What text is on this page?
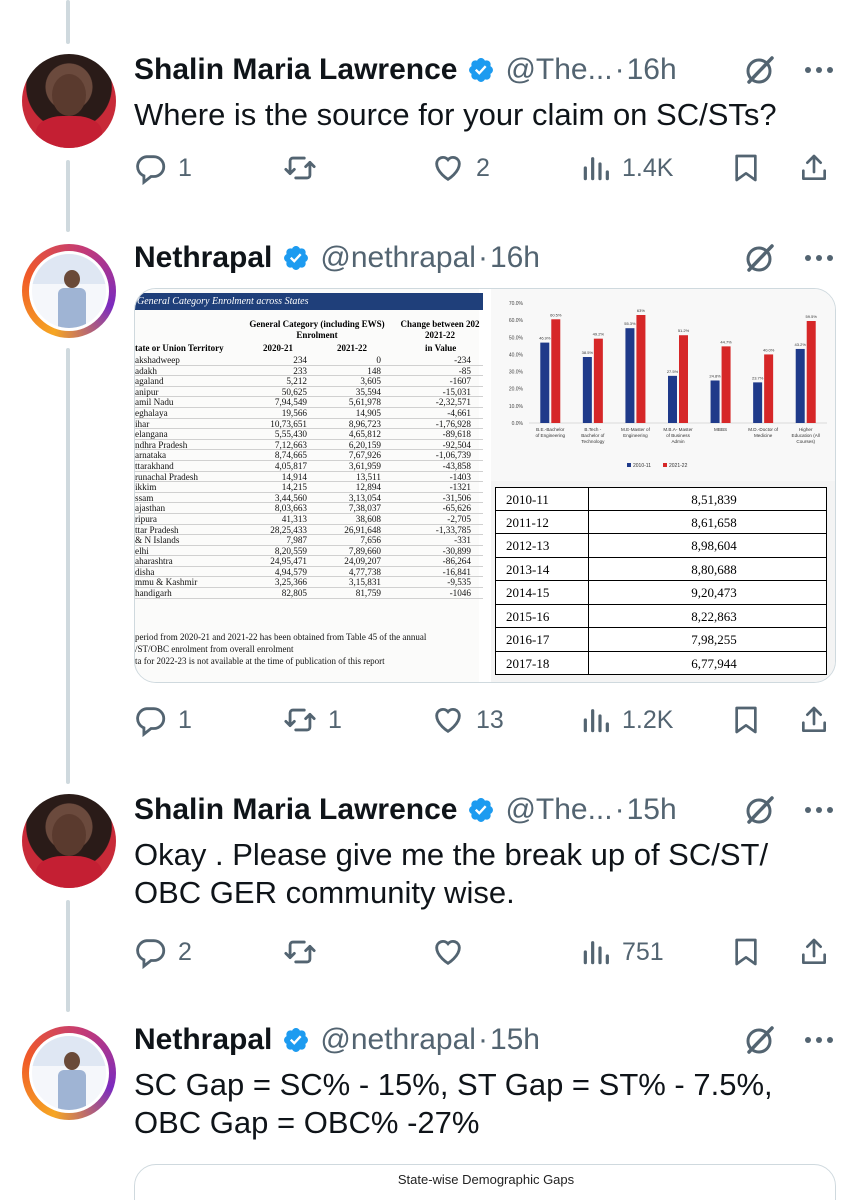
Shalin Maria Lawrence @The... · 16h
Where is the source for your claim on SC/STs?
1	2	1.4K
Nethrapal @nethrapal · 16h
General Category Enrolment across States
General Category (including EWS) Enrolment
Change between 202 2021-22
tate or Union Territory	2020-21	2021-22	in Value
akshadweep	234	0	-234
adakh	233	148	-85
agaland	5,212	3,605	-1607
anipur	50,625	35,594	-15,031
amil Nadu	7,94,549	5,61,978	-2,32,571
eghalaya	19,566	14,905	-4,661
ihar	10,73,651	8,96,723	-1,76,928
elangana	5,55,430	4,65,812	-89,618
ndhra Pradesh	7,12,663	6,20,159	-92,504
arnataka	8,74,665	7,67,926	-1,06,739
ttarakhand	4,05,817	3,61,959	-43,858
runachal Pradesh	14,914	13,511	-1403
ikkim	14,215	12,894	-1321
ssam	3,44,560	3,13,054	-31,506
ajasthan	8,03,663	7,38,037	-65,626
ripura	41,313	38,608	-2,705
ttar Pradesh	28,25,433	26,91,648	-1,33,785
& N Islands	7,987	7,656	-331
elhi	8,20,559	7,89,660	-30,899
aharashtra	24,95,471	24,09,207	-86,264
disha	4,94,579	4,77,738	-16,841
mmu & Kashmir	3,25,366	3,15,831	-9,535
handigarh	82,805	81,759	-1046
period from 2020-21 and 2021-22 has been obtained from Table 45 of the annual
/ST/OBC enrolment from overall enrolment
ta for 2022-23 is not available at the time of publication of this report
0.0%
10.0%
20.0%
30.0%
40.0%
50.0%
60.0%
70.0%
46.9%
60.5%
B.E.-Bachelor
of Engineering
38.5%
49.2%
B.Tech -
Bachelor of
Technology
55.3%
63%
M.E-Master of
Engineering
27.5%
51.2%
M.B.A- Master
of Business
Admin
24.8%
44.7%
MBBS
23.7%
40.0%
M.D.-Doctor of
Medicine
43.2%
59.5%
Higher
Education (All
Courses)
2010-11	2021-22
2010-11	8,51,839
2011-12	8,61,658
2012-13	8,98,604
2013-14	8,80,688
2014-15	9,20,473
2015-16	8,22,863
2016-17	7,98,255
2017-18	6,77,944
1	1	13	1.2K
Shalin Maria Lawrence @The... · 15h
Okay . Please give me the break up of SC/ST/
OBC GER community wise.
2	751
Nethrapal @nethrapal · 15h
SC Gap = SC% - 15%, ST Gap = ST% - 7.5%,
OBC Gap = OBC% -27%
State-wise Demographic Gaps
